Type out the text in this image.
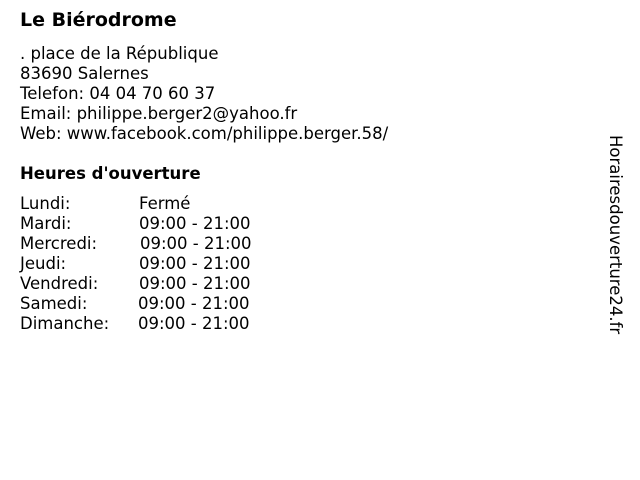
Le Biérodrome
. place de la République
83690 Salernes
Telefon: 04 04 70 60 37
Email: philippe.berger2@yahoo.fr
Web: www.facebook.com/philippe.berger.58/
Heures d'ouverture
Lundi:	Fermé
Mardi:	09:00 - 21:00
Mercredi:	09:00 - 21:00
Jeudi:	09:00 - 21:00
Vendredi: 09:00 - 21:00
Samedi:	09:00 - 21:00
Dimanche: 09:00 - 21:00	Horairesdouverture24.fr
